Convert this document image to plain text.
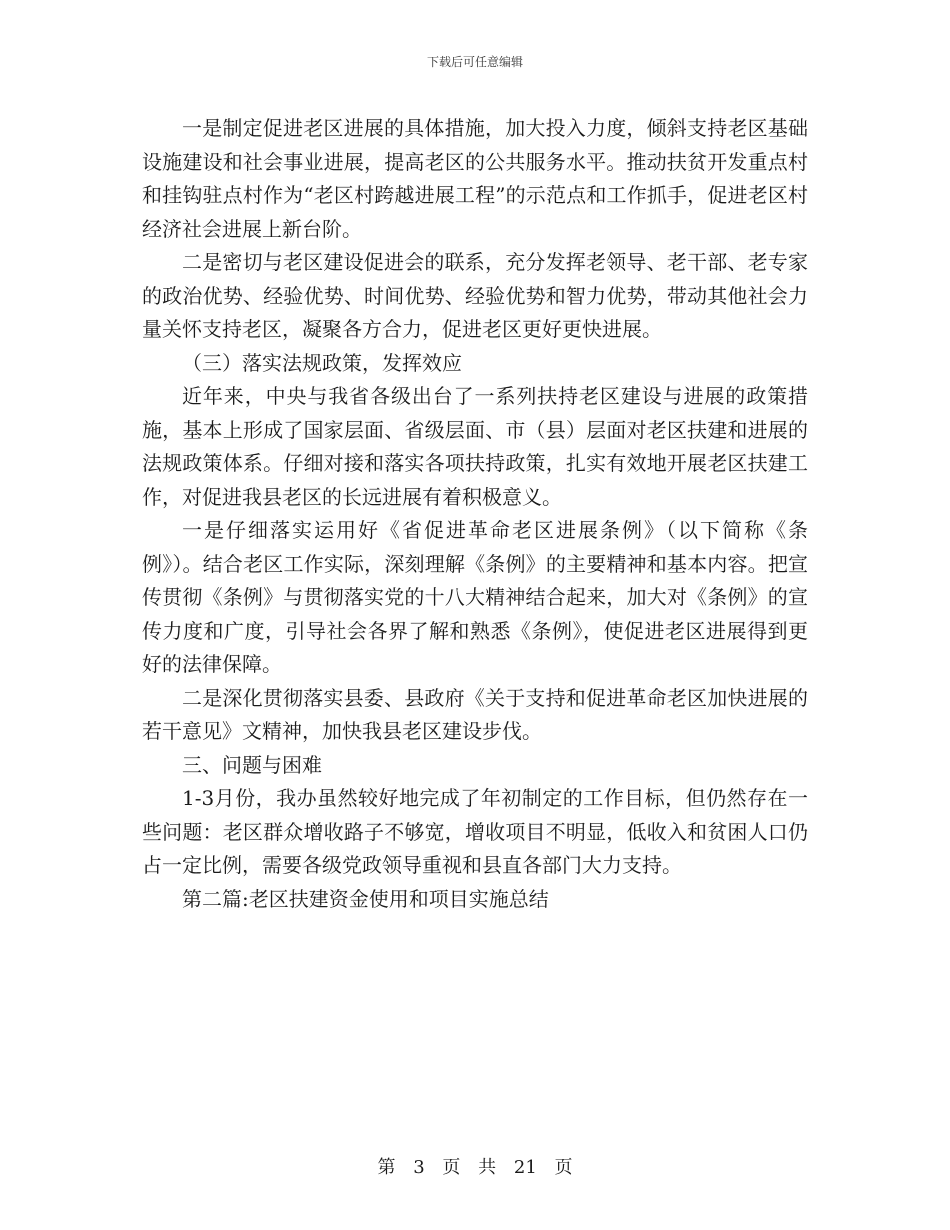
下载后可任意编辑

一是制定促进老区进展的具体措施，加大投入力度，倾斜支持老区基础设施建设和社会事业进展，提高老区的公共服务水平。推动扶贫开发重点村和挂钩驻点村作为“老区村跨越进展工程”的示范点和工作抓手，促进老区村经济社会进展上新台阶。

二是密切与老区建设促进会的联系，充分发挥老领导、老干部、老专家的政治优势、经验优势、时间优势、经验优势和智力优势，带动其他社会力量关怀支持老区，凝聚各方合力，促进老区更好更快进展。

（三）落实法规政策，发挥效应

近年来，中央与我省各级出台了一系列扶持老区建设与进展的政策措施，基本上形成了国家层面、省级层面、市（县）层面对老区扶建和进展的法规政策体系。仔细对接和落实各项扶持政策，扎实有效地开展老区扶建工作，对促进我县老区的长远进展有着积极意义。

一是仔细落实运用好《省促进革命老区进展条例》（以下简称《条例》）。结合老区工作实际，深刻理解《条例》的主要精神和基本内容。把宣传贯彻《条例》与贯彻落实党的十八大精神结合起来，加大对《条例》的宣传力度和广度，引导社会各界了解和熟悉《条例》，使促进老区进展得到更好的法律保障。

二是深化贯彻落实县委、县政府《关于支持和促进革命老区加快进展的若干意见》文精神，加快我县老区建设步伐。

三、问题与困难

1-3月份，我办虽然较好地完成了年初制定的工作目标，但仍然存在一些问题：老区群众增收路子不够宽，增收项目不明显，低收入和贫困人口仍占一定比例，需要各级党政领导重视和县直各部门大力支持。

第二篇:老区扶建资金使用和项目实施总结

第 3 页 共 21 页
